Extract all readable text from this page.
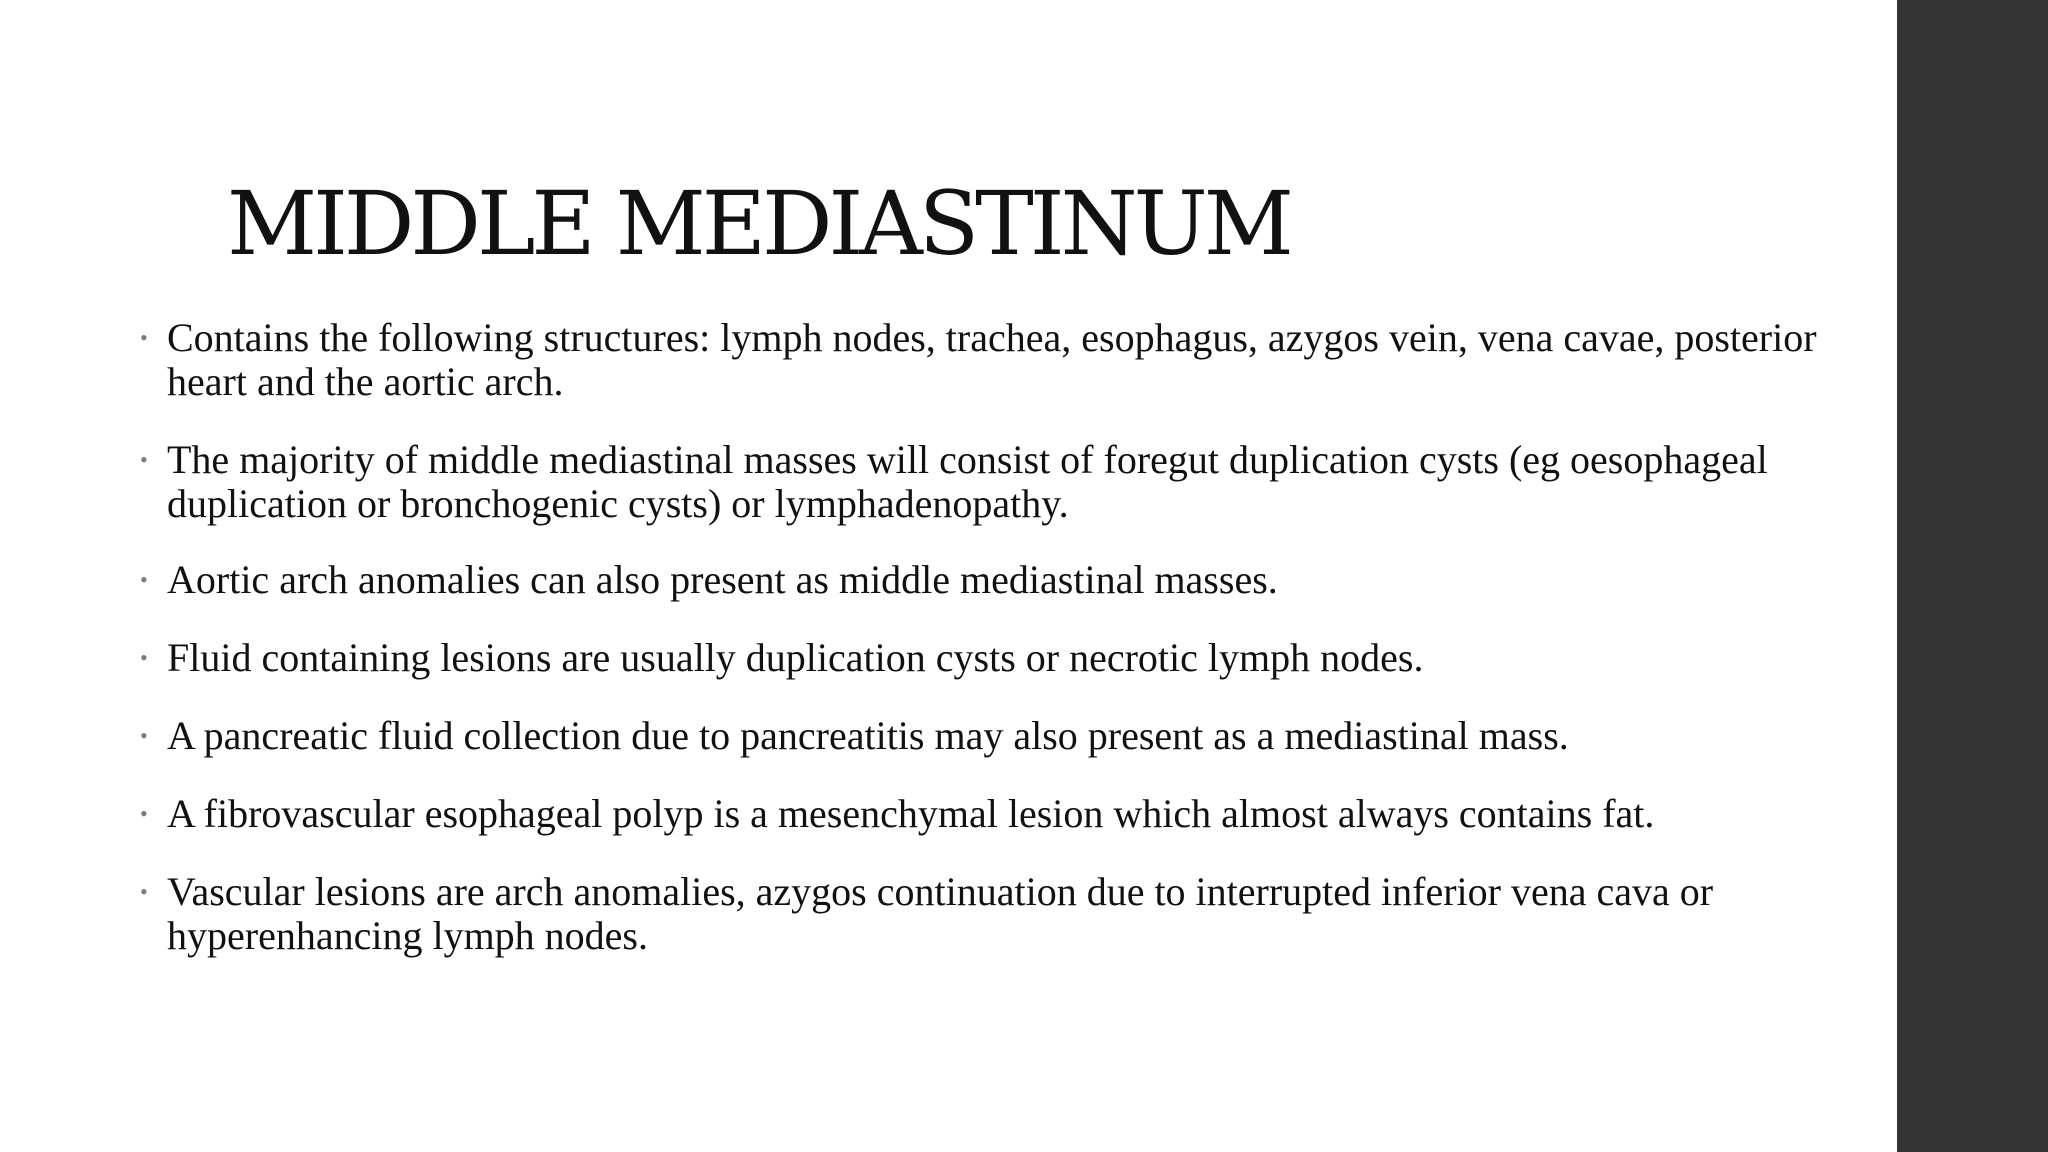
MIDDLE MEDIASTINUM
• Contains the following structures: lymph nodes, trachea, esophagus, azygos vein, vena cavae, posterior heart and the aortic arch.
• The majority of middle mediastinal masses will consist of foregut duplication cysts (eg oesophageal duplication or bronchogenic cysts) or lymphadenopathy.
• Aortic arch anomalies can also present as middle mediastinal masses.
• Fluid containing lesions are usually duplication cysts or necrotic lymph nodes.
• A pancreatic fluid collection due to pancreatitis may also present as a mediastinal mass.
• A fibrovascular esophageal polyp is a mesenchymal lesion which almost always contains fat.
• Vascular lesions are arch anomalies, azygos continuation due to interrupted inferior vena cava or hyperenhancing lymph nodes.
